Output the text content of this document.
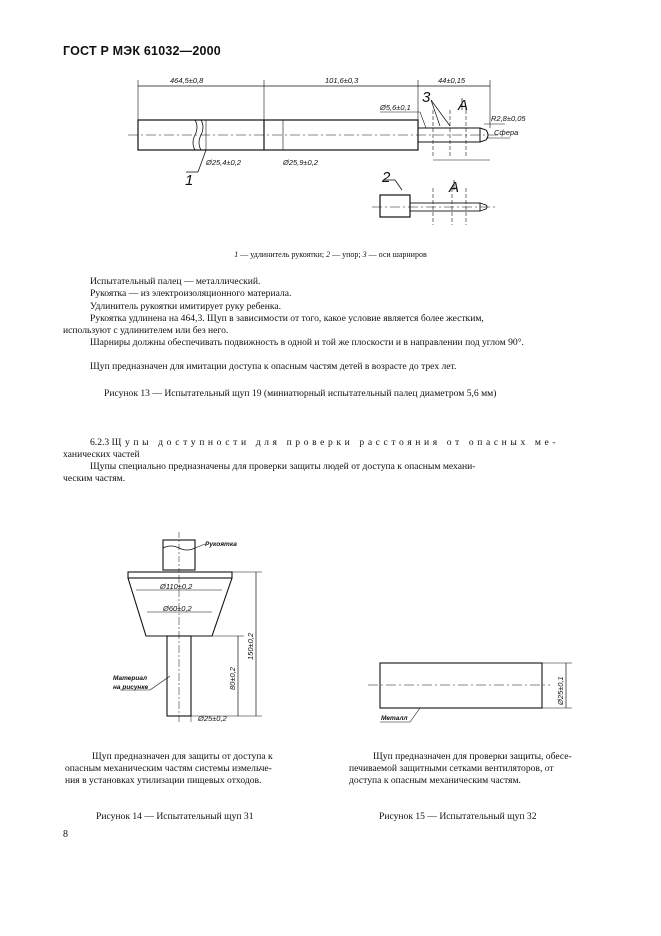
ГОСТ Р МЭК 61032—2000
464,5±0,8	101,6±0,3	44±0,15
Ø5,6±0,1
R2,8±0,05
Сфера
Ø25,4±0,2	Ø25,9±0,2
1	2
3 A
A
1 — удлинитель рукоятки; 2 — упор; 3 — оси шарниров

Испытательный палец — металлический.

Рукоятка — из электроизоляционного материала.

Удлинитель рукоятки имитирует руку ребенка.

Рукоятка удлинена на 464,3. Щуп в зависимости от того, какое условие является более жестким,

используют с удлинителем или без него.
Шарниры должны обеспечивать подвижность в одной и той же плоскости и в направлении под углом 90°.
Щуп предназначен для имитации доступа к опасным частям детей в возрасте до трех лет.
Рисунок 13 — Испытательный щуп 19 (миниатюрный испытательный палец диаметром 5,6 мм)
6.2.3 Щупы доступности для проверки расстояния от опасных ме-
ханических частей
Щупы специально предназначены для проверки защиты людей от доступа к опасным механи-
ческим частям.
Рукоятка
Ø110±0,2
Ø60±0,2
Материал
на рисунке
150±0,2
80±0,2
Ø25±0,2
Ø25±0,1
Металл
Щуп предназначен для защиты от доступа к
опасным механическим частям системы измельче-
ния в установках утилизации пищевых отходов.
Рисунок 14 — Испытательный щуп 31
Щуп предназначен для проверки защиты, обесе-
печиваемой защитными сетками вентиляторов, от
доступа к опасным механическим частям.
Рисунок 15 — Испытательный щуп 32
8
